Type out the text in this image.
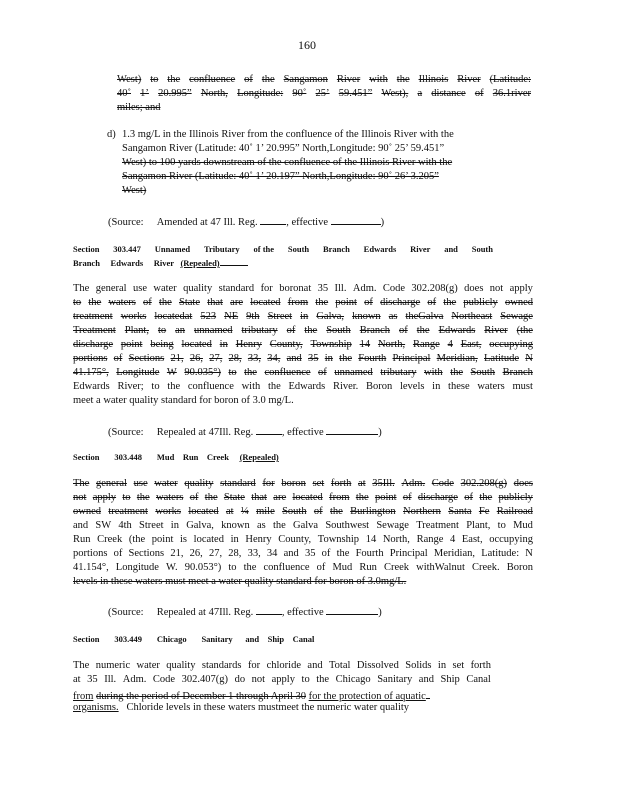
160
West) to the confluence of the Sangamon River with the Illinois River (Latitude:
40˚ 1’ 20.995” North, Longitude: 90˚ 25’ 59.451” West), a distance of 36.1river
miles; and
d) 1.3 mg/L in the Illinois River from the confluence of the Illinois River with the
Sangamon River (Latitude: 40˚ 1’ 20.995” North,Longitude: 90˚ 25’ 59.451”
West) to 100 yards downstream of the confluence of the Illinois River with the
Sangamon River (Latitude: 40˚ 1’ 20.197” North,Longitude: 90˚ 26’ 3.205”
West)
(Source: Amended at 47 Ill. Reg.	, effective	)
Section 303.447 Unnamed Tributary of the South Branch Edwards River and South
Branch Edwards River (Repealed)
The general use water quality standard for boronat 35 Ill. Adm. Code 302.208(g) does not apply
to the waters of the State that are located from the point of discharge of the publicly owned
treatment works locatedat 523 NE 9th Street in Galva, known as theGalva Northeast Sewage
Treatment Plant, to an unnamed tributary of the South Branch of the Edwards River (the
discharge point being located in Henry County, Township 14 North, Range 4 East, occupying
portions of Sections 21, 26, 27, 28, 33, 34, and 35 in the Fourth Principal Meridian, Latitude N
41.175°, Longitude W 90.035°) to the confluence of unnamed tributary with the South Branch
Edwards River; to the confluence with the Edwards River. Boron levels in these waters must
meet a water quality standard for boron of 3.0 mg/L.
(Source: Repealed at 47Ill. Reg.	, effective	)
Section 303.448 Mud Run Creek (Repealed)
The general use water quality standard for boron set forth at 35Ill. Adm. Code 302.208(g) does
not apply to the waters of the State that are located from the point of discharge of the publicly
owned treatment works located at ¼ mile South of the Burlington Northern Santa Fe Railroad
and SW 4th Street in Galva, known as the Galva Southwest Sewage Treatment Plant, to Mud
Run Creek (the point is located in Henry County, Township 14 North, Range 4 East, occupying
portions of Sections 21, 26, 27, 28, 33, 34 and 35 of the Fourth Principal Meridian, Latitude: N
41.154°, Longitude W. 90.053°) to the confluence of Mud Run Creek withWalnut Creek. Boron
levels in these waters must meet a water quality standard for boron of 3.0mg/L.
(Source: Repealed at 47Ill. Reg.	, effective	)
Section 303.449 Chicago Sanitary and Ship Canal
The numeric water quality standards for chloride and Total Dissolved Solids in set forth
at 35 Ill. Adm. Code 302.407(g) do not apply to the Chicago Sanitary and Ship Canal
from during the period of December 1 through April 30 for the protection of aquatic
organisms. Chloride levels in these waters mustmeet the numeric water quality
